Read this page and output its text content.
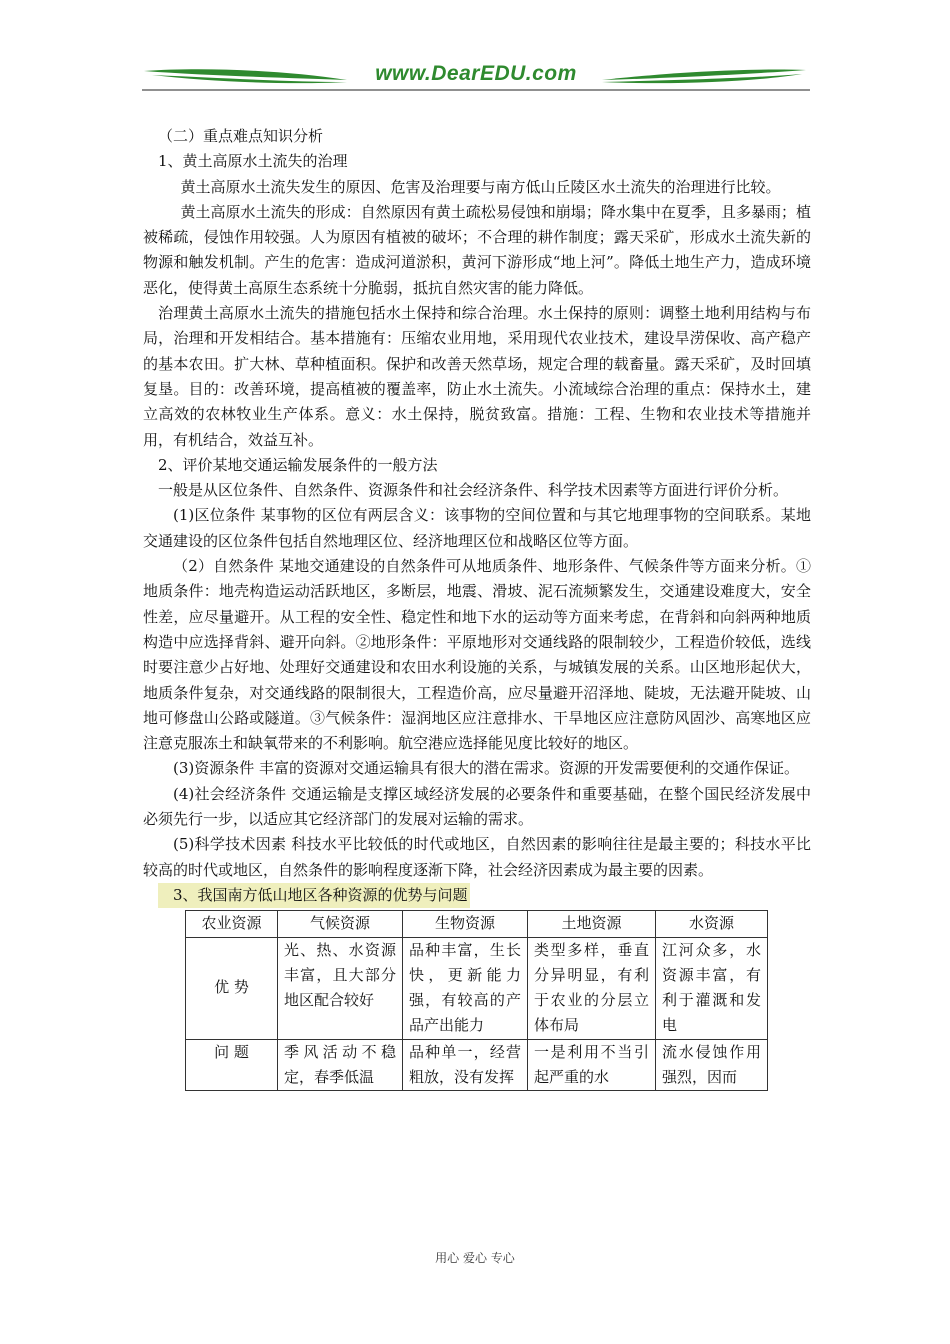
www.DearEDU.com

（二）重点难点知识分析

1、黄土高原水土流失的治理

黄土高原水土流失发生的原因、危害及治理要与南方低山丘陵区水土流失的治理进行比较。

黄土高原水土流失的形成：自然原因有黄土疏松易侵蚀和崩塌；降水集中在夏季，且多暴雨；植被稀疏，侵蚀作用较强。人为原因有植被的破坏；不合理的耕作制度；露天采矿，形成水土流失新的物源和触发机制。产生的危害：造成河道淤积，黄河下游形成“地上河”。降低土地生产力，造成环境恶化，使得黄土高原生态系统十分脆弱，抵抗自然灾害的能力降低。

治理黄土高原水土流失的措施包括水土保持和综合治理。水土保持的原则：调整土地利用结构与布局，治理和开发相结合。基本措施有：压缩农业用地，采用现代农业技术，建设旱涝保收、高产稳产的基本农田。扩大林、草种植面积。保护和改善天然草场，规定合理的载畜量。露天采矿，及时回填复垦。目的：改善环境，提高植被的覆盖率，防止水土流失。小流域综合治理的重点：保持水土，建立高效的农林牧业生产体系。意义：水土保持，脱贫致富。措施：工程、生物和农业技术等措施并用，有机结合，效益互补。

2、评价某地交通运输发展条件的一般方法

一般是从区位条件、自然条件、资源条件和社会经济条件、科学技术因素等方面进行评价分析。

(1)区位条件 某事物的区位有两层含义：该事物的空间位置和与其它地理事物的空间联系。某地交通建设的区位条件包括自然地理区位、经济地理区位和战略区位等方面。

（2）自然条件 某地交通建设的自然条件可从地质条件、地形条件、气候条件等方面来分析。①地质条件：地壳构造运动活跃地区，多断层，地震、滑坡、泥石流频繁发生，交通建设难度大，安全性差，应尽量避开。从工程的安全性、稳定性和地下水的运动等方面来考虑，在背斜和向斜两种地质构造中应选择背斜、避开向斜。②地形条件：平原地形对交通线路的限制较少，工程造价较低，选线时要注意少占好地、处理好交通建设和农田水利设施的关系，与城镇发展的关系。山区地形起伏大，地质条件复杂，对交通线路的限制很大，工程造价高，应尽量避开沼泽地、陡坡，无法避开陡坡、山地可修盘山公路或隧道。③气候条件：湿润地区应注意排水、干旱地区应注意防风固沙、高寒地区应注意克服冻土和缺氧带来的不利影响。航空港应选择能见度比较好的地区。

(3)资源条件 丰富的资源对交通运输具有很大的潜在需求。资源的开发需要便利的交通作保证。

(4)社会经济条件 交通运输是支撑区域经济发展的必要条件和重要基础，在整个国民经济发展中必须先行一步，以适应其它经济部门的发展对运输的需求。

(5)科学技术因素 科技水平比较低的时代或地区，自然因素的影响往往是最主要的；科技水平比较高的时代或地区，自然条件的影响程度逐渐下降，社会经济因素成为最主要的因素。

3、我国南方低山地区各种资源的优势与问题

农业资源	气候资源	生物资源	土地资源	水资源
优 势	光、热、水资源丰富，且大部分地区配合较好	品种丰富，生长快，更新能力强，有较高的产品产出能力	类型多样，垂直分异明显，有利于农业的分层立体布局	江河众多，水资源丰富，有利于灌溉和发电
问 题	季风活动不稳定，春季低温	品种单一，经营粗放，没有发挥	一是利用不当引起严重的水	流水侵蚀作用强烈，因而
用心 爱心 专心
